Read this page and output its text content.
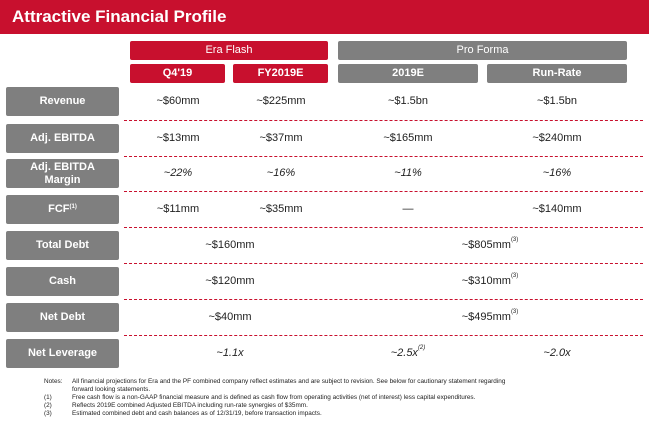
Attractive Financial Profile
Era Flash	Pro Forma
Q4'19	FY2019E	2019E	Run-Rate
Revenue	~$60mm	~$225mm	~$1.5bn	~$1.5bn
Adj. EBITDA	~$13mm	~$37mm	~$165mm	~$240mm
Adj. EBITDA
Margin
~22%	~16%	~11%	~16%
FCF$^{(1)}$	~$11mm	~$35mm	—	~$140mm
Total Debt	~$160mm	$\sim\$805mm^{(3)}$
Cash	~$120mm	$\sim\$310mm^{(3)}$
Net Debt	~$40mm	$\sim\$495mm^{(3)}$
Net Leverage	~1.1x	$\sim 2.5x^{(2)}$	~2.0x
Notes: All financial projections for Era and the PF combined company reflect estimates and are subject to revision. See below for cautionary statement regarding
forward looking statements.
(1)	Free cash flow is a non-GAAP financial measure and is defined as cash flow from operating activities (net of interest) less capital expenditures.
(2)	Reflects 2019E combined Adjusted EBITDA including run-rate synergies of $35mm.
(3)	Estimated combined debt and cash balances as of 12/31/19, before transaction impacts.
